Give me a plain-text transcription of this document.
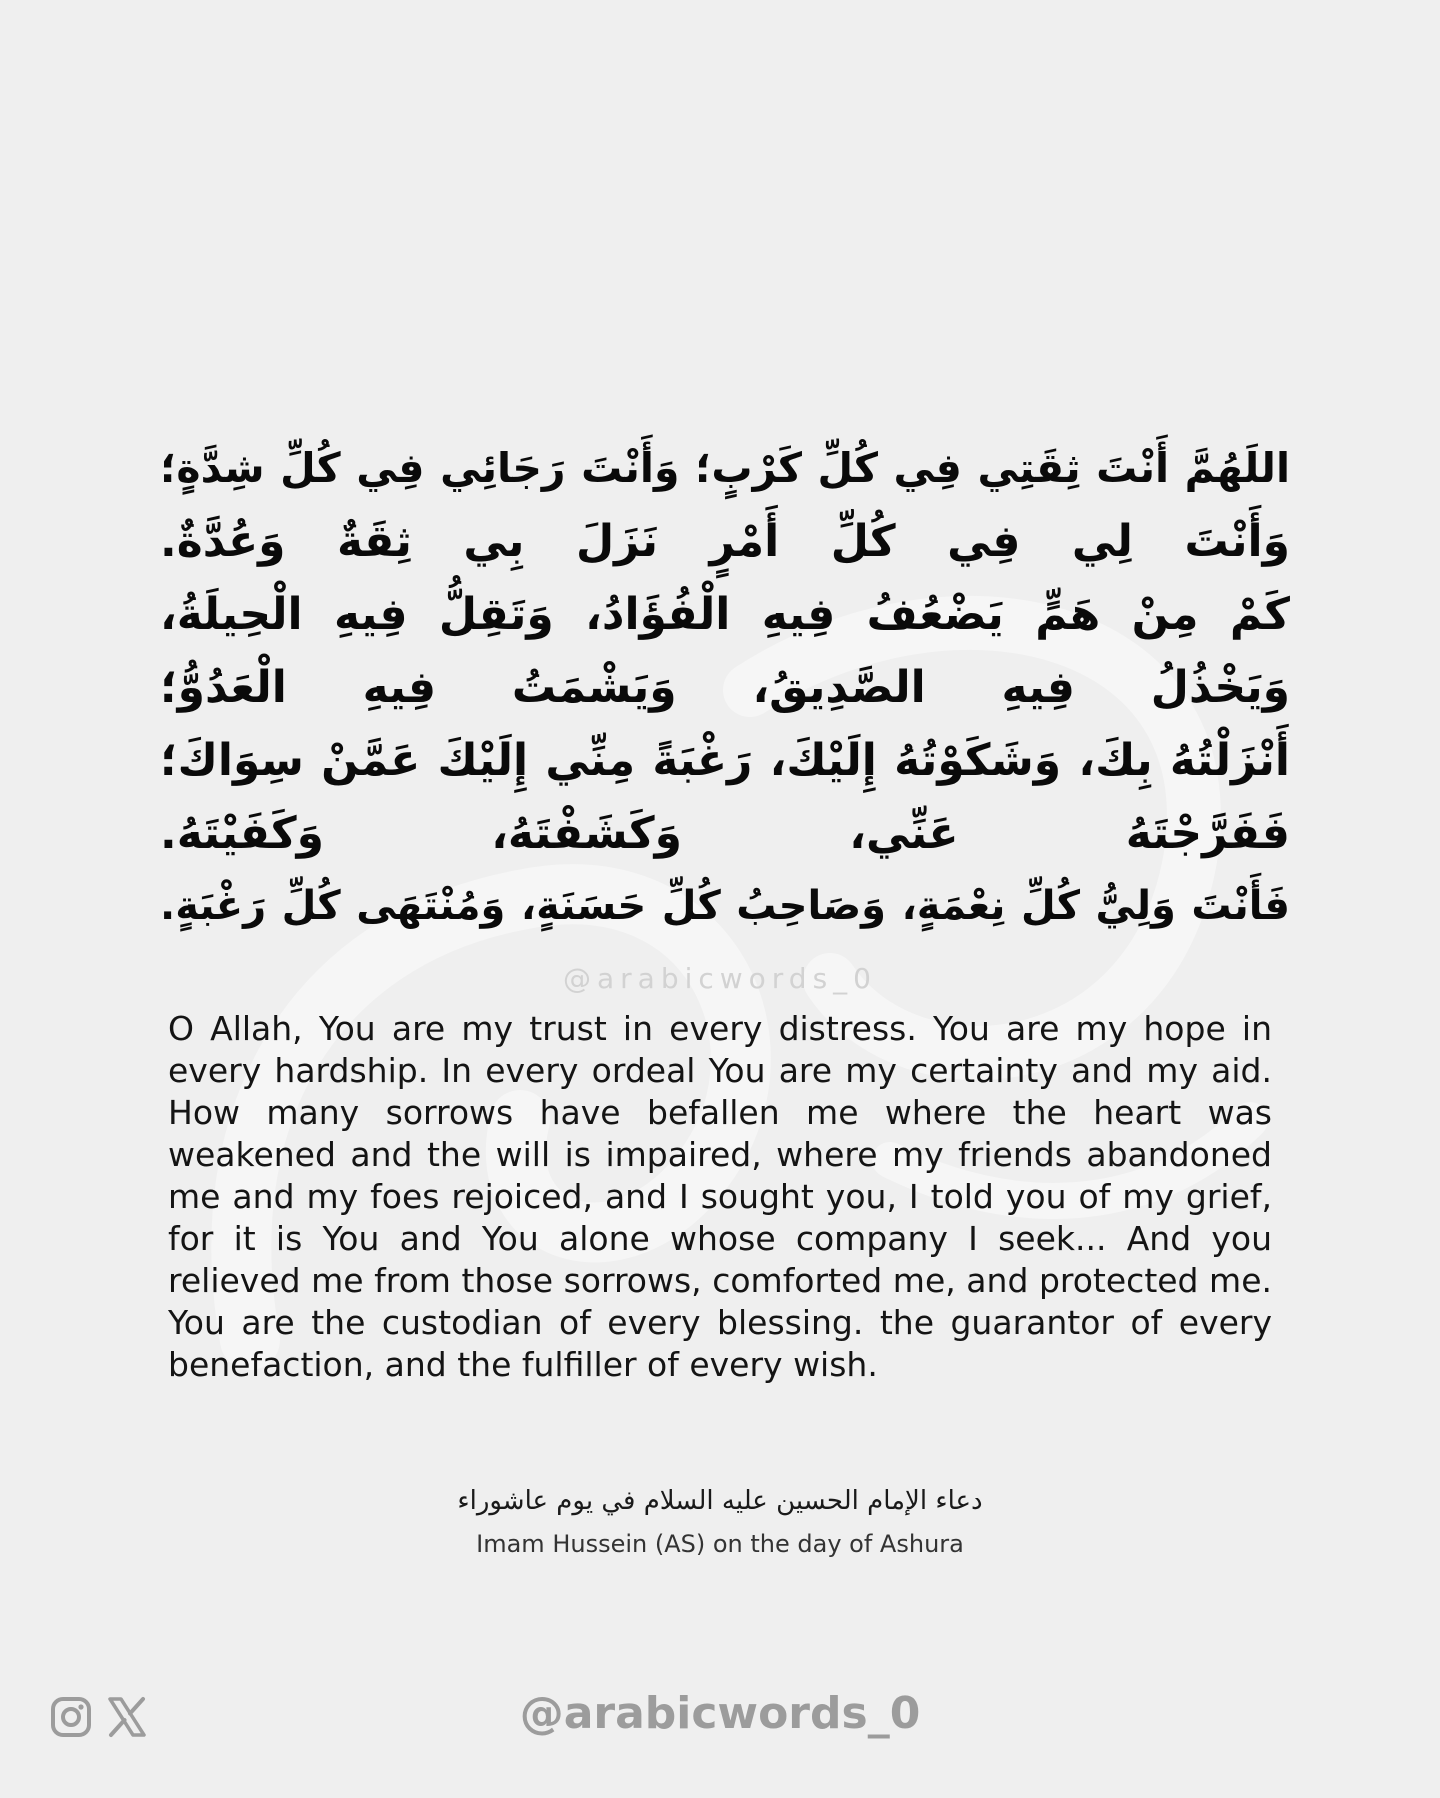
اللَهُمَّ أَنْتَ ثِقَتِي فِي كُلِّ كَرْبٍ؛ وَأَنْتَ رَجَائِي فِي كُلِّ شِدَّةٍ؛
وَأَنْتَ لِي فِي كُلِّ أَمْرٍ نَزَلَ بِي ثِقَةٌ وَعُدَّةٌ.
كَمْ مِنْ هَمٍّ يَضْعُفُ فِيهِ الْفُؤَادُ، وَتَقِلُّ فِيهِ الْحِيلَةُ،
وَيَخْذُلُ فِيهِ الصَّدِيقُ، وَيَشْمَتُ فِيهِ الْعَدُوُّ؛
أَنْزَلْتُهُ بِكَ، وَشَكَوْتُهُ إِلَيْكَ، رَغْبَةً مِنِّي إِلَيْكَ عَمَّنْ سِوَاكَ؛
فَفَرَّجْتَهُ عَنِّي، وَكَشَفْتَهُ، وَكَفَيْتَهُ.
فَأَنْتَ وَلِيُّ كُلِّ نِعْمَةٍ، وَصَاحِبُ كُلِّ حَسَنَةٍ، وَمُنْتَهَى كُلِّ رَغْبَةٍ.
@arabicwords_0

O Allah, You are my trust in every distress. You are my hope in every hardship. In every ordeal You are my certainty and my aid. How many sorrows have befallen me where the heart was weakened and the will is impaired, where my friends abandoned me and my foes rejoiced, and I sought you, I told you of my grief, for it is You and You alone whose company I seek... And you relieved me from those sorrows, comforted me, and protected me. You are the custodian of every blessing. the guarantor of every benefaction, and the fulfiller of every wish.

دعاء الإمام الحسين عليه السلام في يوم عاشوراء
Imam Hussein (AS) on the day of Ashura
@arabicwords_0
